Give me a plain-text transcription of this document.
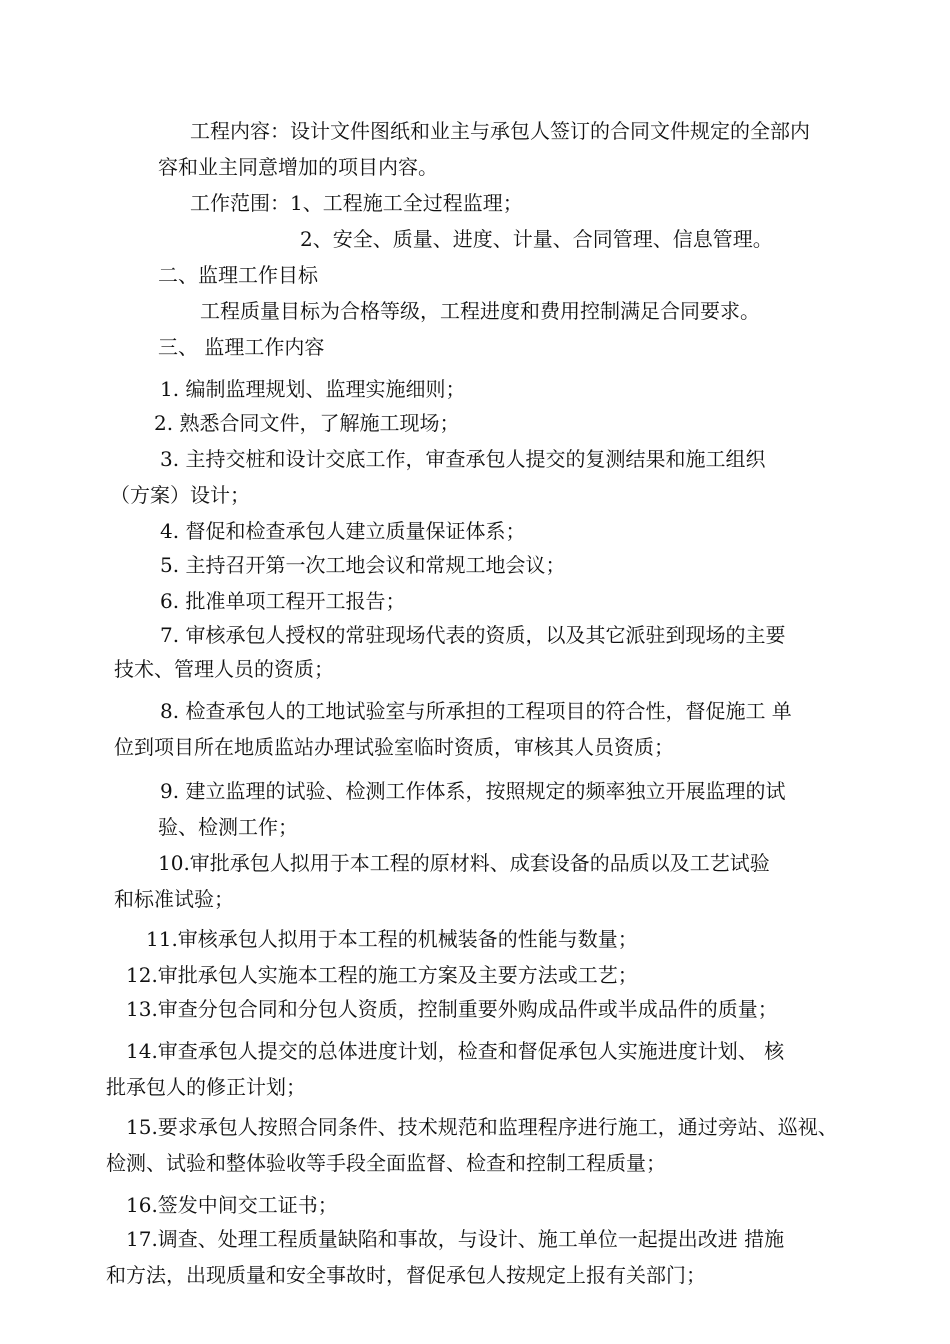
工程内容：设计文件图纸和业主与承包人签订的合同文件规定的全部内

容和业主同意增加的项目内容。

工作范围：1、工程施工全过程监理；

2、安全、质量、进度、计量、合同管理、信息管理。

二、监理工作目标

工程质量目标为合格等级，工程进度和费用控制满足合同要求。

三、 监理工作内容

1. 编制监理规划、监理实施细则；

2. 熟悉合同文件，了解施工现场；

3. 主持交桩和设计交底工作，审查承包人提交的复测结果和施工组织

（方案）设计；

4. 督促和检查承包人建立质量保证体系；

5. 主持召开第一次工地会议和常规工地会议；

6. 批准单项工程开工报告；

7. 审核承包人授权的常驻现场代表的资质，以及其它派驻到现场的主要

技术、管理人员的资质；

8. 检查承包人的工地试验室与所承担的工程项目的符合性，督促施工 单

位到项目所在地质监站办理试验室临时资质，审核其人员资质；

9. 建立监理的试验、检测工作体系，按照规定的频率独立开展监理的试

验、检测工作；

10.审批承包人拟用于本工程的原材料、成套设备的品质以及工艺试验

和标准试验；

11.审核承包人拟用于本工程的机械装备的性能与数量；

12.审批承包人实施本工程的施工方案及主要方法或工艺；

13.审查分包合同和分包人资质，控制重要外购成品件或半成品件的质量；

14.审查承包人提交的总体进度计划，检查和督促承包人实施进度计划、 核

批承包人的修正计划；

15.要求承包人按照合同条件、技术规范和监理程序进行施工，通过旁站、巡视、

检测、试验和整体验收等手段全面监督、检查和控制工程质量；

16.签发中间交工证书；

17.调查、处理工程质量缺陷和事故，与设计、施工单位一起提出改进 措施

和方法，出现质量和安全事故时，督促承包人按规定上报有关部门；
